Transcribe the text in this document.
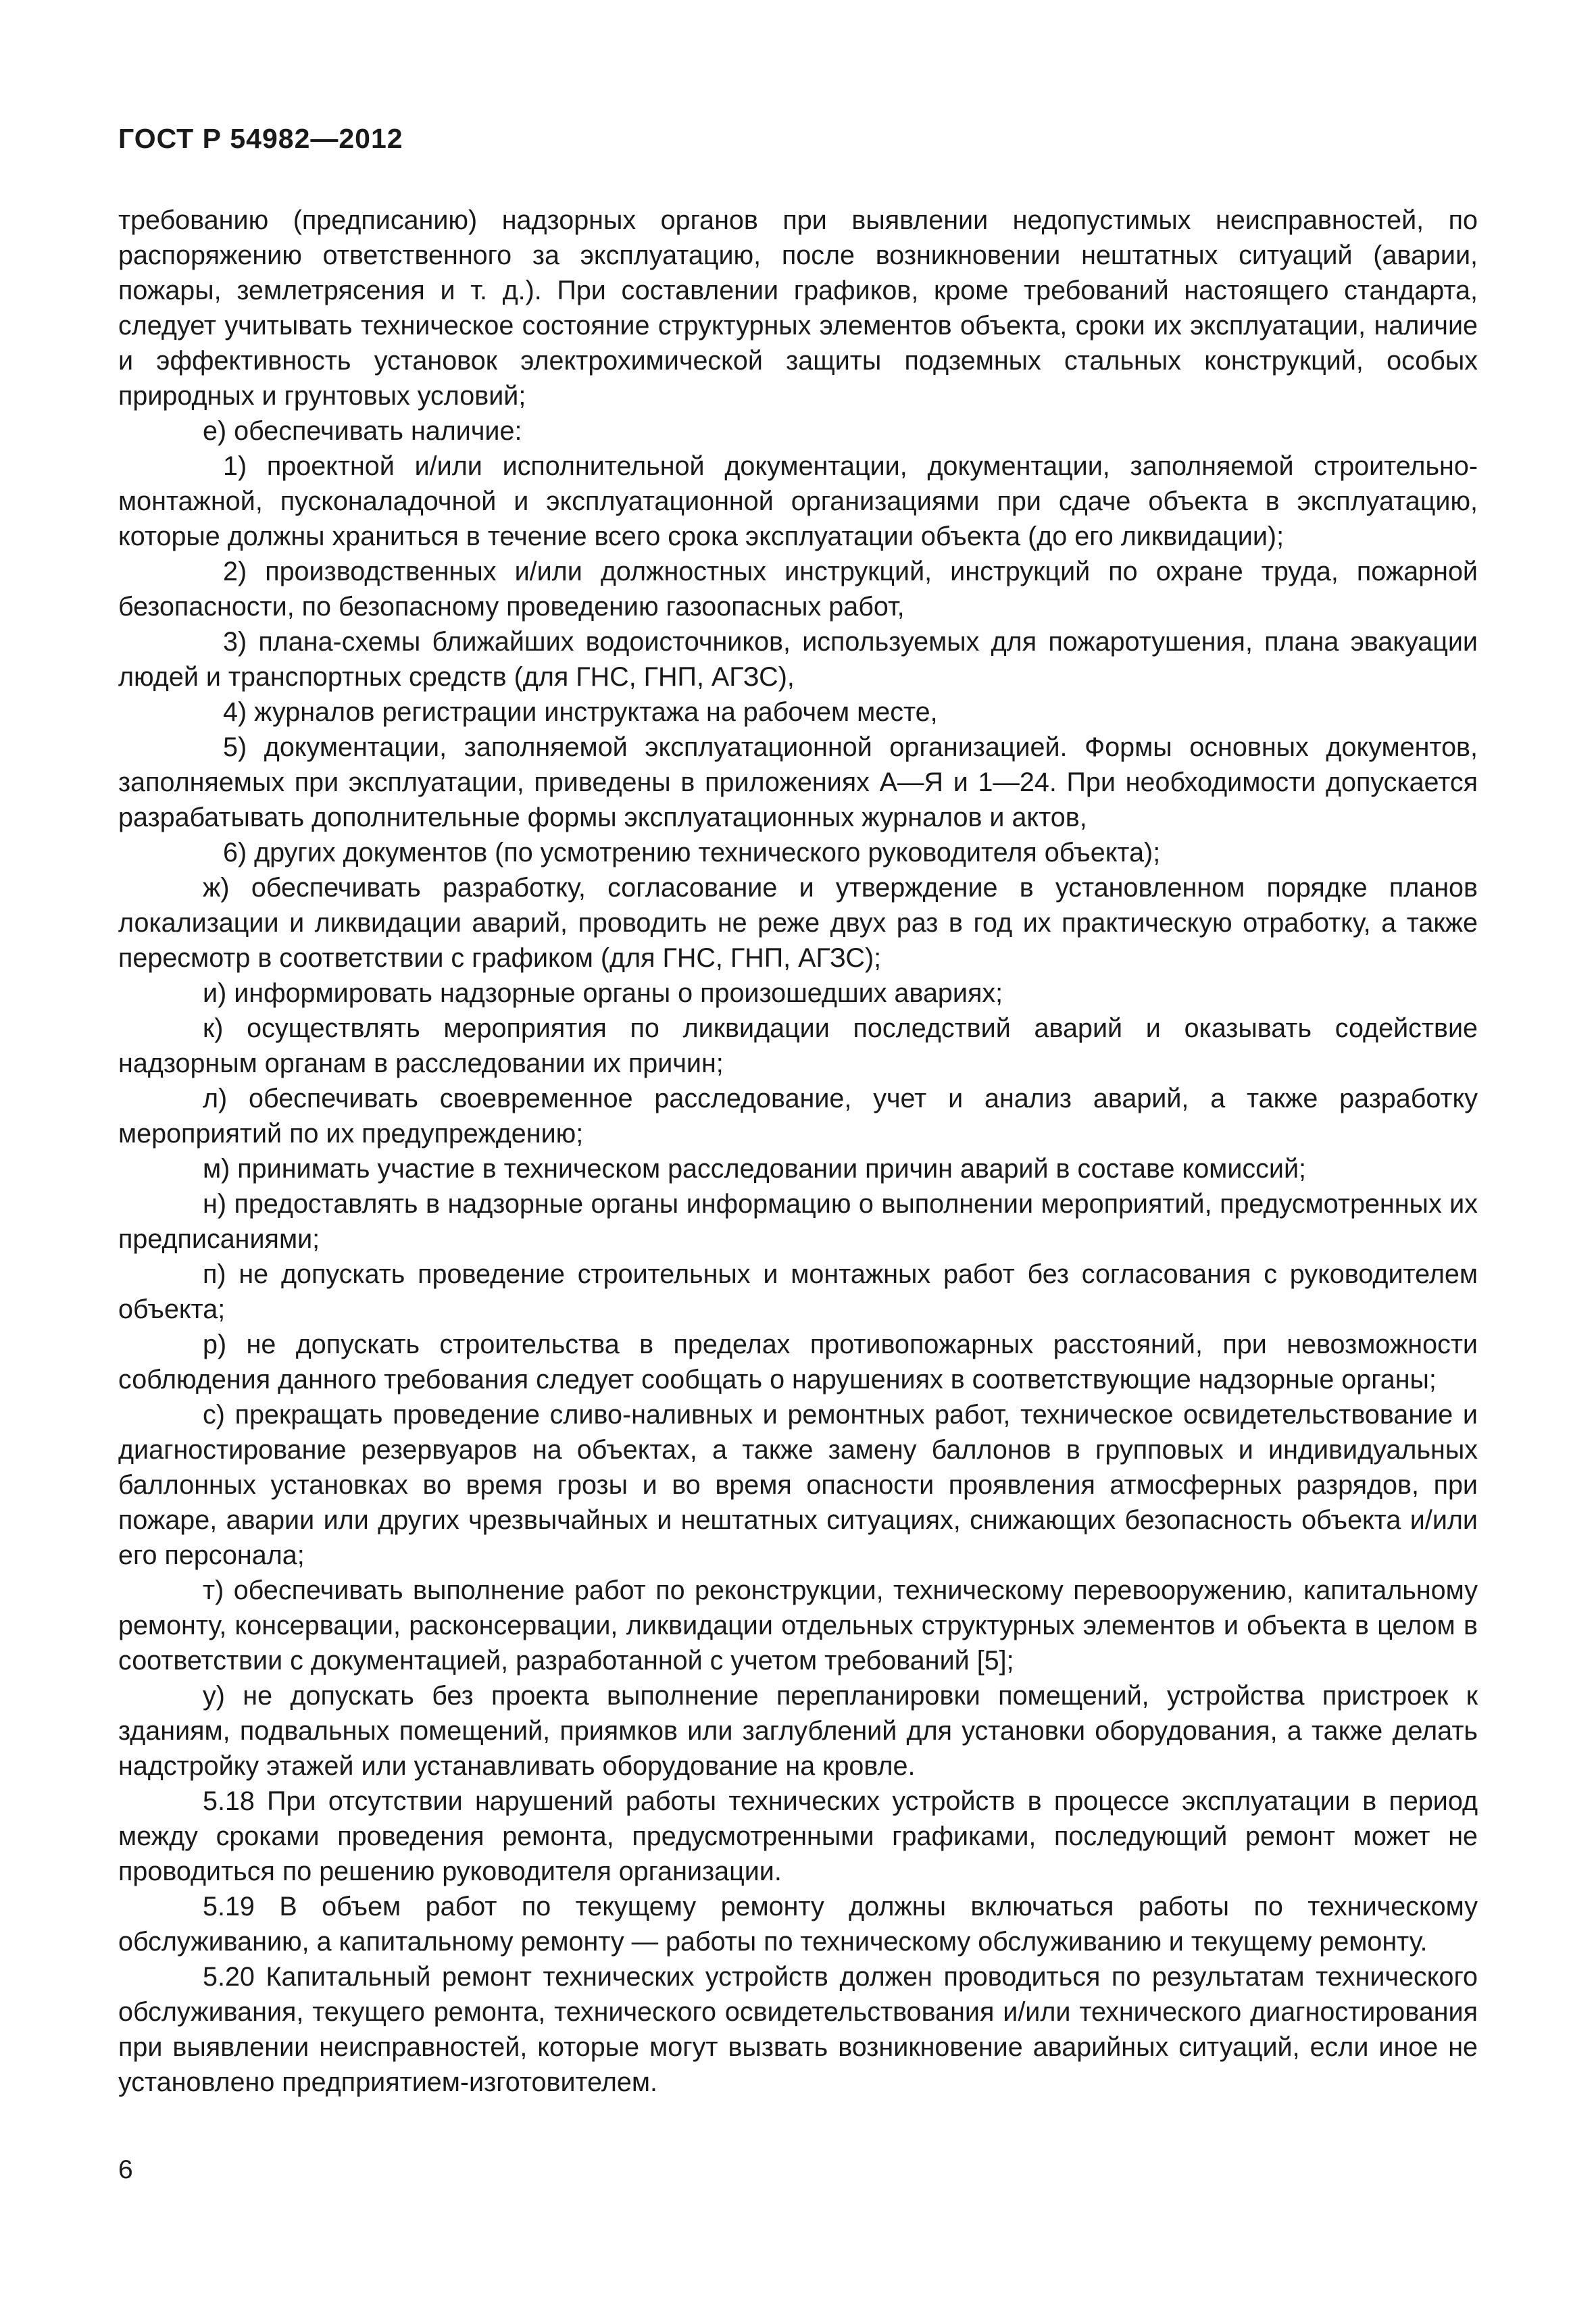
ГОСТ Р 54982—2012

требованию (предписанию) надзорных органов при выявлении недопустимых неисправностей, по распоряжению ответственного за эксплуатацию, после возникновении нештатных ситуаций (аварии, пожары, землетрясения и т. д.). При составлении графиков, кроме требований настоящего стандарта, следует учитывать техническое состояние структурных элементов объекта, сроки их эксплуатации, наличие и эффективность установок электрохимической защиты подземных стальных конструкций, особых природных и грунтовых условий;

е) обеспечивать наличие:

1) проектной и/или исполнительной документации, документации, заполняемой строительно-монтажной, пусконаладочной и эксплуатационной организациями при сдаче объекта в эксплуатацию, которые должны храниться в течение всего срока эксплуатации объекта (до его ликвидации);

2) производственных и/или должностных инструкций, инструкций по охране труда, пожарной безопасности, по безопасному проведению газоопасных работ,

3) плана-схемы ближайших водоисточников, используемых для пожаротушения, плана эвакуации людей и транспортных средств (для ГНС, ГНП, АГЗС),

4) журналов регистрации инструктажа на рабочем месте,

5) документации, заполняемой эксплуатационной организацией. Формы основных документов, заполняемых при эксплуатации, приведены в приложениях А—Я и 1—24. При необходимости допускается разрабатывать дополнительные формы эксплуатационных журналов и актов,

6) других документов (по усмотрению технического руководителя объекта);

ж) обеспечивать разработку, согласование и утверждение в установленном порядке планов локализации и ликвидации аварий, проводить не реже двух раз в год их практическую отработку, а также пересмотр в соответствии с графиком (для ГНС, ГНП, АГЗС);

и) информировать надзорные органы о произошедших авариях;

к) осуществлять мероприятия по ликвидации последствий аварий и оказывать содействие надзорным органам в расследовании их причин;

л) обеспечивать своевременное расследование, учет и анализ аварий, а также разработку мероприятий по их предупреждению;

м) принимать участие в техническом расследовании причин аварий в составе комиссий;

н) предоставлять в надзорные органы информацию о выполнении мероприятий, предусмотренных их предписаниями;

п) не допускать проведение строительных и монтажных работ без согласования с руководителем объекта;

р) не допускать строительства в пределах противопожарных расстояний, при невозможности соблюдения данного требования следует сообщать о нарушениях в соответствующие надзорные органы;

с) прекращать проведение сливо-наливных и ремонтных работ, техническое освидетельствование и диагностирование резервуаров на объектах, а также замену баллонов в групповых и индивидуальных баллонных установках во время грозы и во время опасности проявления атмосферных разрядов, при пожаре, аварии или других чрезвычайных и нештатных ситуациях, снижающих безопасность объекта и/или его персонала;

т) обеспечивать выполнение работ по реконструкции, техническому перевооружению, капитальному ремонту, консервации, расконсервации, ликвидации отдельных структурных элементов и объекта в целом в соответствии с документацией, разработанной с учетом требований [5];

у) не допускать без проекта выполнение перепланировки помещений, устройства пристроек к зданиям, подвальных помещений, приямков или заглублений для установки оборудования, а также делать надстройку этажей или устанавливать оборудование на кровле.

5.18 При отсутствии нарушений работы технических устройств в процессе эксплуатации в период между сроками проведения ремонта, предусмотренными графиками, последующий ремонт может не проводиться по решению руководителя организации.

5.19 В объем работ по текущему ремонту должны включаться работы по техническому обслуживанию, а капитальному ремонту — работы по техническому обслуживанию и текущему ремонту.

5.20 Капитальный ремонт технических устройств должен проводиться по результатам технического обслуживания, текущего ремонта, технического освидетельствования и/или технического диагностирования при выявлении неисправностей, которые могут вызвать возникновение аварийных ситуаций, если иное не установлено предприятием-изготовителем.

6
